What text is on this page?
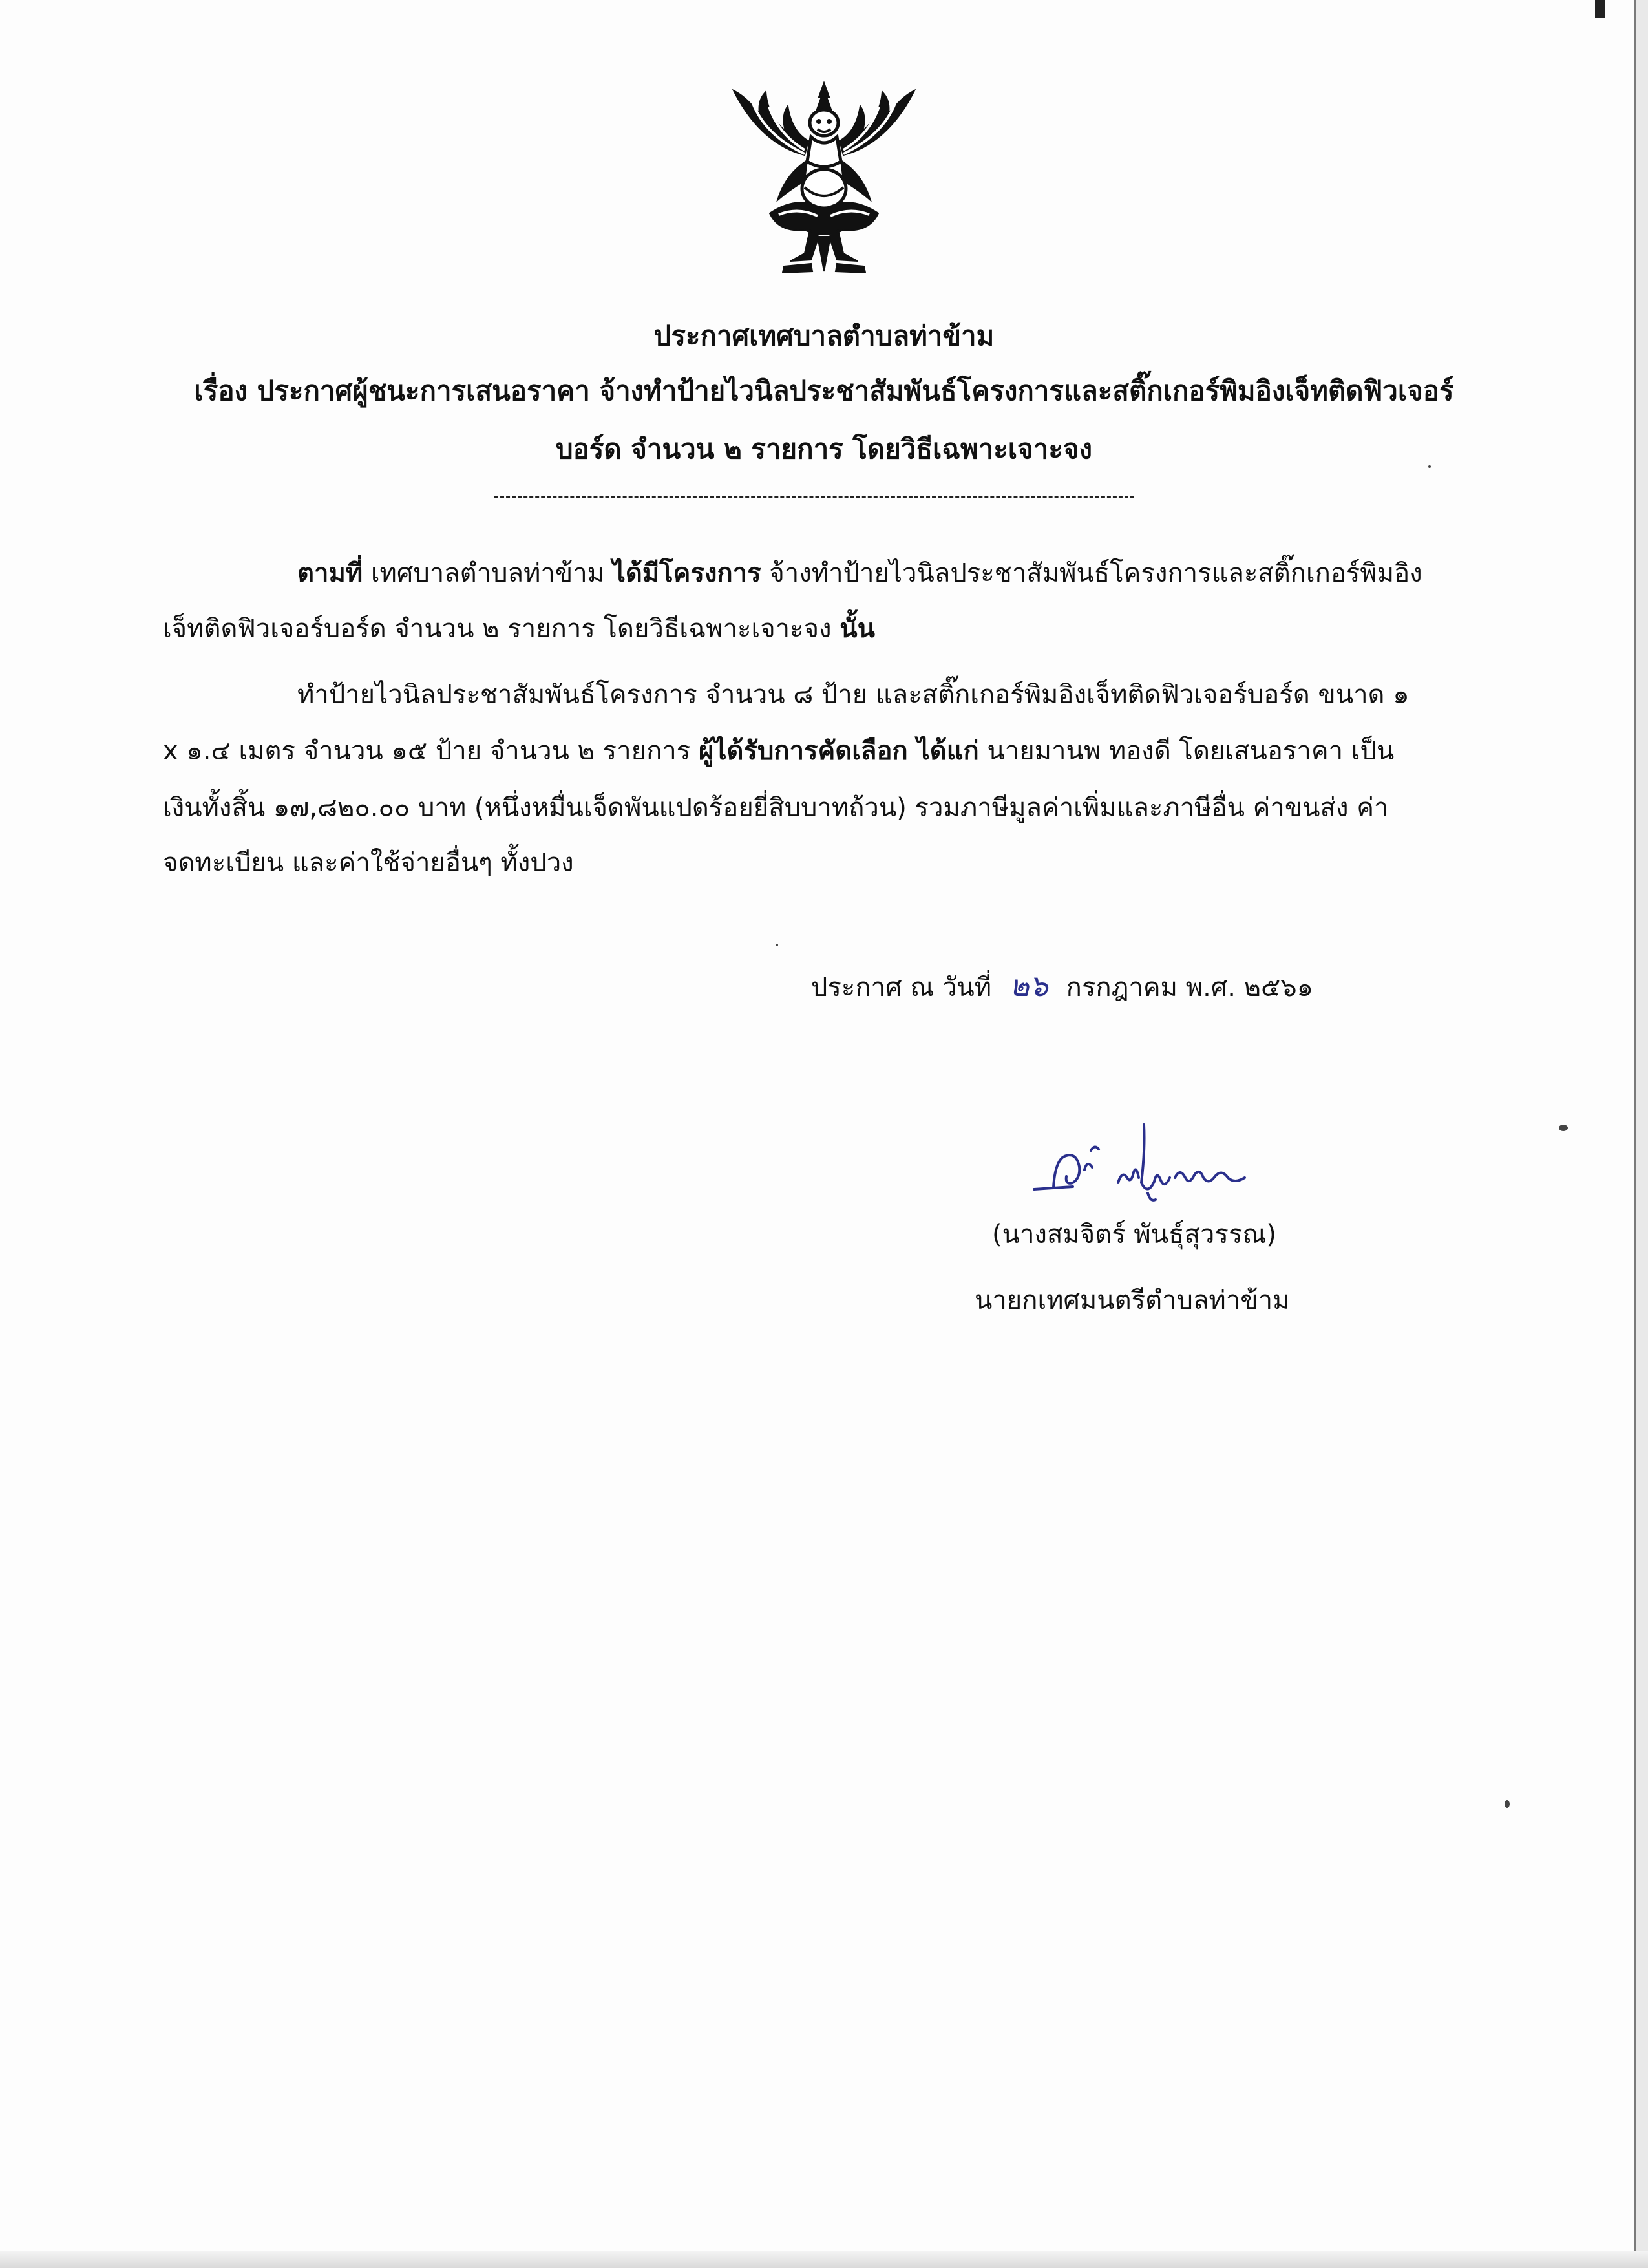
ประกาศเทศบาลตำบลท่าข้าม
เรื่อง ประกาศผู้ชนะการเสนอราคา จ้างทำป้ายไวนิลประชาสัมพันธ์โครงการและสติ๊กเกอร์พิมอิงเจ็ทติดฟิวเจอร์
บอร์ด จำนวน ๒ รายการ โดยวิธีเฉพาะเจาะจง
ตามที่ เทศบาลตำบลท่าข้าม ได้มีโครงการ จ้างทำป้ายไวนิลประชาสัมพันธ์โครงการและสติ๊กเกอร์พิมอิง
เจ็ทติดฟิวเจอร์บอร์ด จำนวน ๒ รายการ โดยวิธีเฉพาะเจาะจง นั้น
ทำป้ายไวนิลประชาสัมพันธ์โครงการ จำนวน ๘ ป้าย และสติ๊กเกอร์พิมอิงเจ็ทติดฟิวเจอร์บอร์ด ขนาด ๑
x ๑.๔ เมตร จำนวน ๑๕ ป้าย จำนวน ๒ รายการ ผู้ได้รับการคัดเลือก ได้แก่ นายมานพ ทองดี โดยเสนอราคา เป็น
เงินทั้งสิ้น ๑๗,๘๒๐.๐๐ บาท (หนึ่งหมื่นเจ็ดพันแปดร้อยยี่สิบบาทถ้วน) รวมภาษีมูลค่าเพิ่มและภาษีอื่น ค่าขนส่ง ค่า
จดทะเบียน และค่าใช้จ่ายอื่นๆ ทั้งปวง
ประกาศ ณ วันที่ ๒๖ กรกฎาคม พ.ศ. ๒๕๖๑
(นางสมจิตร์ พันธุ์สุวรรณ)
นายกเทศมนตรีตำบลท่าข้าม
